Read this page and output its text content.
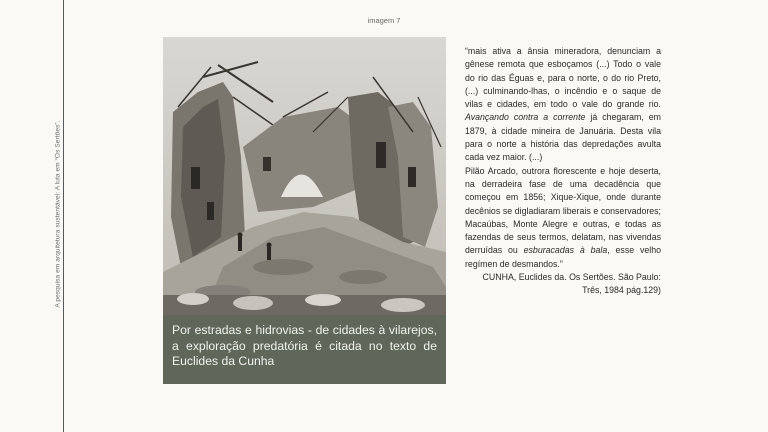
A pesquisa em arquitetura sustentável: A luta em “Os Sertões”.
imagem 7

Por estradas e hidrovias - de cidades à vilarejos, a exploração predatória é citada no texto de Euclides da Cunha

“mais ativa a ânsia mineradora, denunciam a gênese remota que esboçamos (...) Todo o vale do rio das Éguas e, para o norte, o do rio Preto,(...) culminando-lhas, o incêndio e o saque de vilas e cidades, em todo o vale do grande rio. Avançando contra a corrente já chegaram, em 1879, à cidade mineira de Januária. Desta vila para o norte a história das depredações avulta cada vez maior. (...)

Pilão Arcado, outrora florescente e hoje deserta, na derradeira fase de uma decadência que começou em 1856; Xique-Xique, onde durante decênios se digladiaram liberais e conservadores; Macaúbas, Monte Alegre e outras, e todas as fazendas de seus termos, delatam, nas vivendas derruídas ou esburacadas à bala, esse velho regímen de desmandos.”

CUNHA, Euclides da. Os Sertões. São Paulo: Três, 1984 pág.129)
